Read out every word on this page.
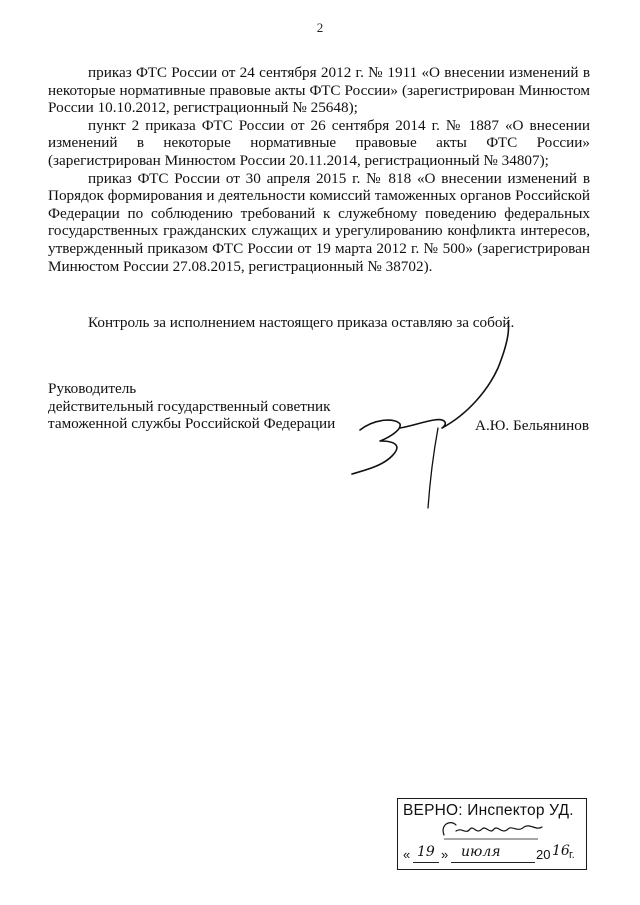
2

приказ ФТС России от 24 сентября 2012 г. № 1911 «О внесении изменений в некоторые нормативные правовые акты ФТС России» (зарегистрирован Минюстом России 10.10.2012, регистрационный № 25648);

пункт 2 приказа ФТС России от 26 сентября 2014 г. № 1887 «О внесении изменений в некоторые нормативные правовые акты ФТС России» (зарегистрирован Минюстом России 20.11.2014, регистрационный № 34807);

приказ ФТС России от 30 апреля 2015 г. № 818 «О внесении изменений в Порядок формирования и деятельности комиссий таможенных органов Российской Федерации по соблюдению требований к служебному поведению федеральных государственных гражданских служащих и урегулированию конфликта интересов, утвержденный приказом ФТС России от 19 марта 2012 г. № 500» (зарегистрирован Минюстом России 27.08.2015, регистрационный № 38702).

Контроль за исполнением настоящего приказа оставляю за собой.
Руководитель
действительный государственный советник
таможенной службы Российской Федерации	А.Ю. Бельянинов
ВЕРНО: Инспектор УД.
« 19 » июля	20 16 г.
